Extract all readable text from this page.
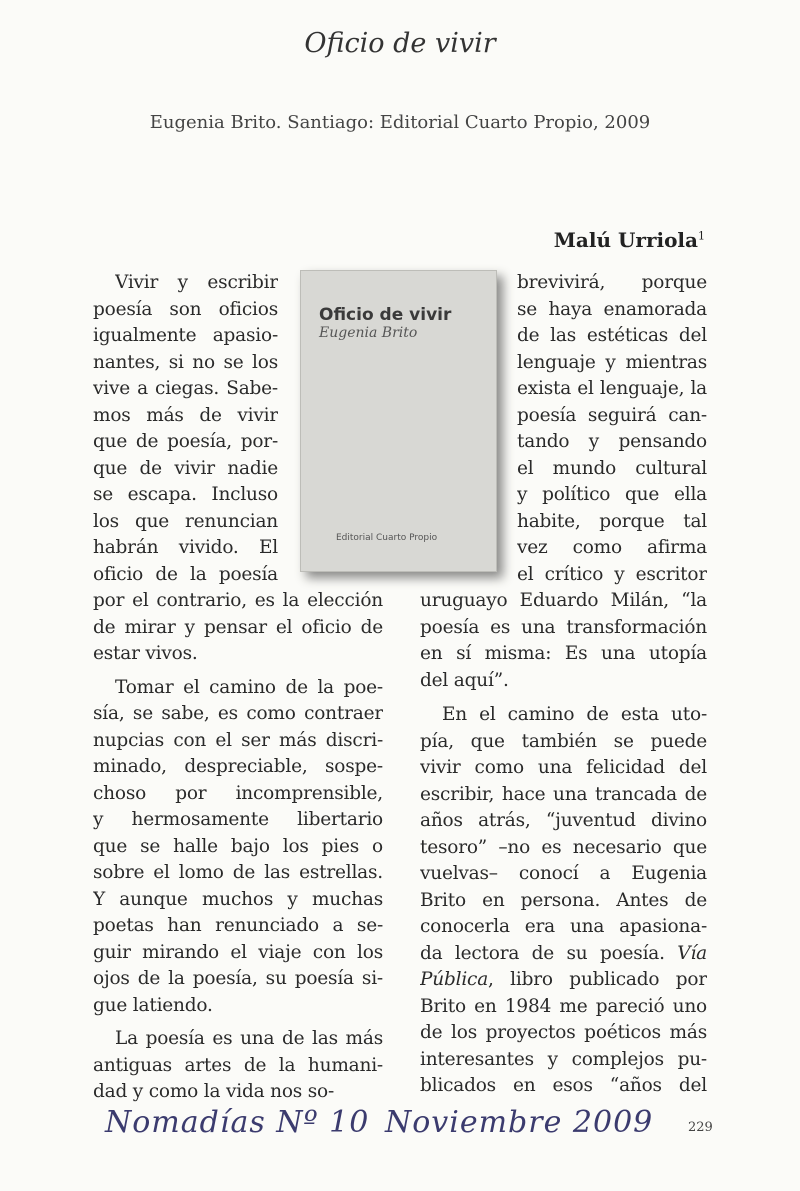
Oficio de vivir
Eugenia Brito. Santiago: Editorial Cuarto Propio, 2009
Malú Urriola$^1$
Oficio de vivir
Eugenia Brito
Editorial Cuarto Propio
Vivir y escribir
poesía son oficios
igualmente apasio-
nantes, si no se los
vive a ciegas. Sabe-
mos más de vivir
que de poesía, por-
que de vivir nadie
se escapa. Incluso
los que renuncian
habrán vivido. El
oficio de la poesía
por el contrario, es la elección
de mirar y pensar el oficio de
estar vivos.
Tomar el camino de la poe-
sía, se sabe, es como contraer
nupcias con el ser más discri-
minado, despreciable, sospe-
choso por incomprensible,
y hermosamente libertario
que se halle bajo los pies o
sobre el lomo de las estrellas.
Y aunque muchos y muchas
poetas han renunciado a se-
guir mirando el viaje con los
ojos de la poesía, su poesía si-
gue latiendo.
La poesía es una de las más
antiguas artes de la humani-
dad y como la vida nos so-
brevivirá, porque
se haya enamorada
de las estéticas del
lenguaje y mientras
exista el lenguaje, la
poesía seguirá can-
tando y pensando
el mundo cultural
y político que ella
habite, porque tal
vez como afirma
el crítico y escritor
uruguayo Eduardo Milán, “la
poesía es una transformación
en sí misma: Es una utopía
del aquí”.
En el camino de esta uto-
pía, que también se puede
vivir como una felicidad del
escribir, hace una trancada de
años atrás, “juventud divino
tesoro” –no es necesario que
vuelvas– conocí a Eugenia
Brito en persona. Antes de
conocerla era una apasiona-
da lectora de su poesía. Vía
Pública, libro publicado por
Brito en 1984 me pareció uno
de los proyectos poéticos más
interesantes y complejos pu-
blicados en esos “años del
Nomadías Nº 10 Noviembre 2009	229
